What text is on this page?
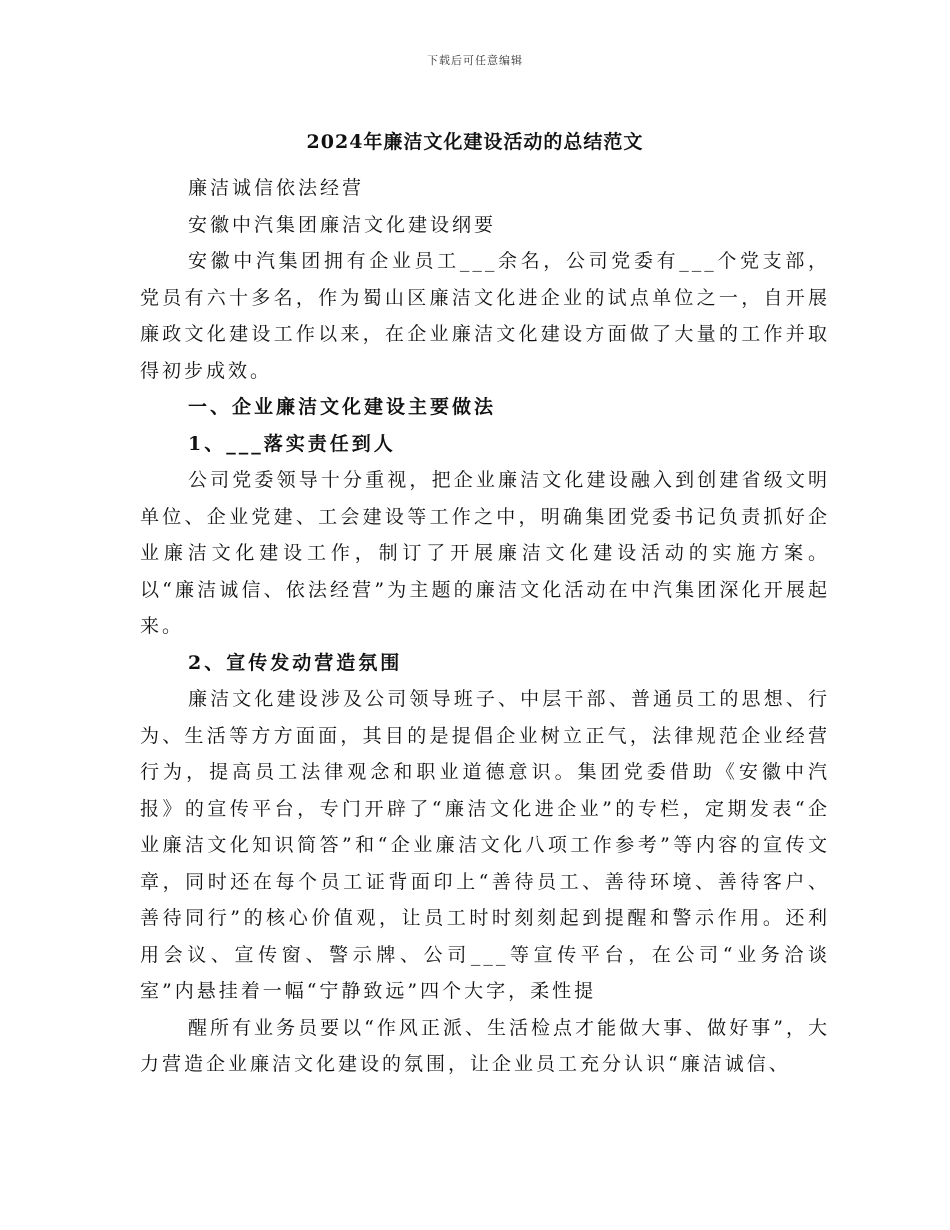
下载后可任意编辑
2024年廉洁文化建设活动的总结范文

廉洁诚信依法经营

安徽中汽集团廉洁文化建设纲要

安徽中汽集团拥有企业员工___余名，公司党委有___个党支部，党员有六十多名，作为蜀山区廉洁文化进企业的试点单位之一，自开展廉政文化建设工作以来，在企业廉洁文化建设方面做了大量的工作并取得初步成效。

一、企业廉洁文化建设主要做法

1、___落实责任到人

公司党委领导十分重视，把企业廉洁文化建设融入到创建省级文明单位、企业党建、工会建设等工作之中，明确集团党委书记负责抓好企业廉洁文化建设工作，制订了开展廉洁文化建设活动的实施方案。以“廉洁诚信、依法经营”为主题的廉洁文化活动在中汽集团深化开展起来。

2、宣传发动营造氛围

廉洁文化建设涉及公司领导班子、中层干部、普通员工的思想、行为、生活等方方面面，其目的是提倡企业树立正气，法律规范企业经营行为，提高员工法律观念和职业道德意识。集团党委借助《安徽中汽报》的宣传平台，专门开辟了“廉洁文化进企业”的专栏，定期发表“企业廉洁文化知识简答”和“企业廉洁文化八项工作参考”等内容的宣传文章，同时还在每个员工证背面印上“善待员工、善待环境、善待客户、善待同行”的核心价值观，让员工时时刻刻起到提醒和警示作用。还利用会议、宣传窗、警示牌、公司___等宣传平台，在公司“业务洽谈室”内悬挂着一幅“宁静致远”四个大字，柔性提

醒所有业务员要以“作风正派、生活检点才能做大事、做好事”，大力营造企业廉洁文化建设的氛围，让企业员工充分认识“廉洁诚信、
